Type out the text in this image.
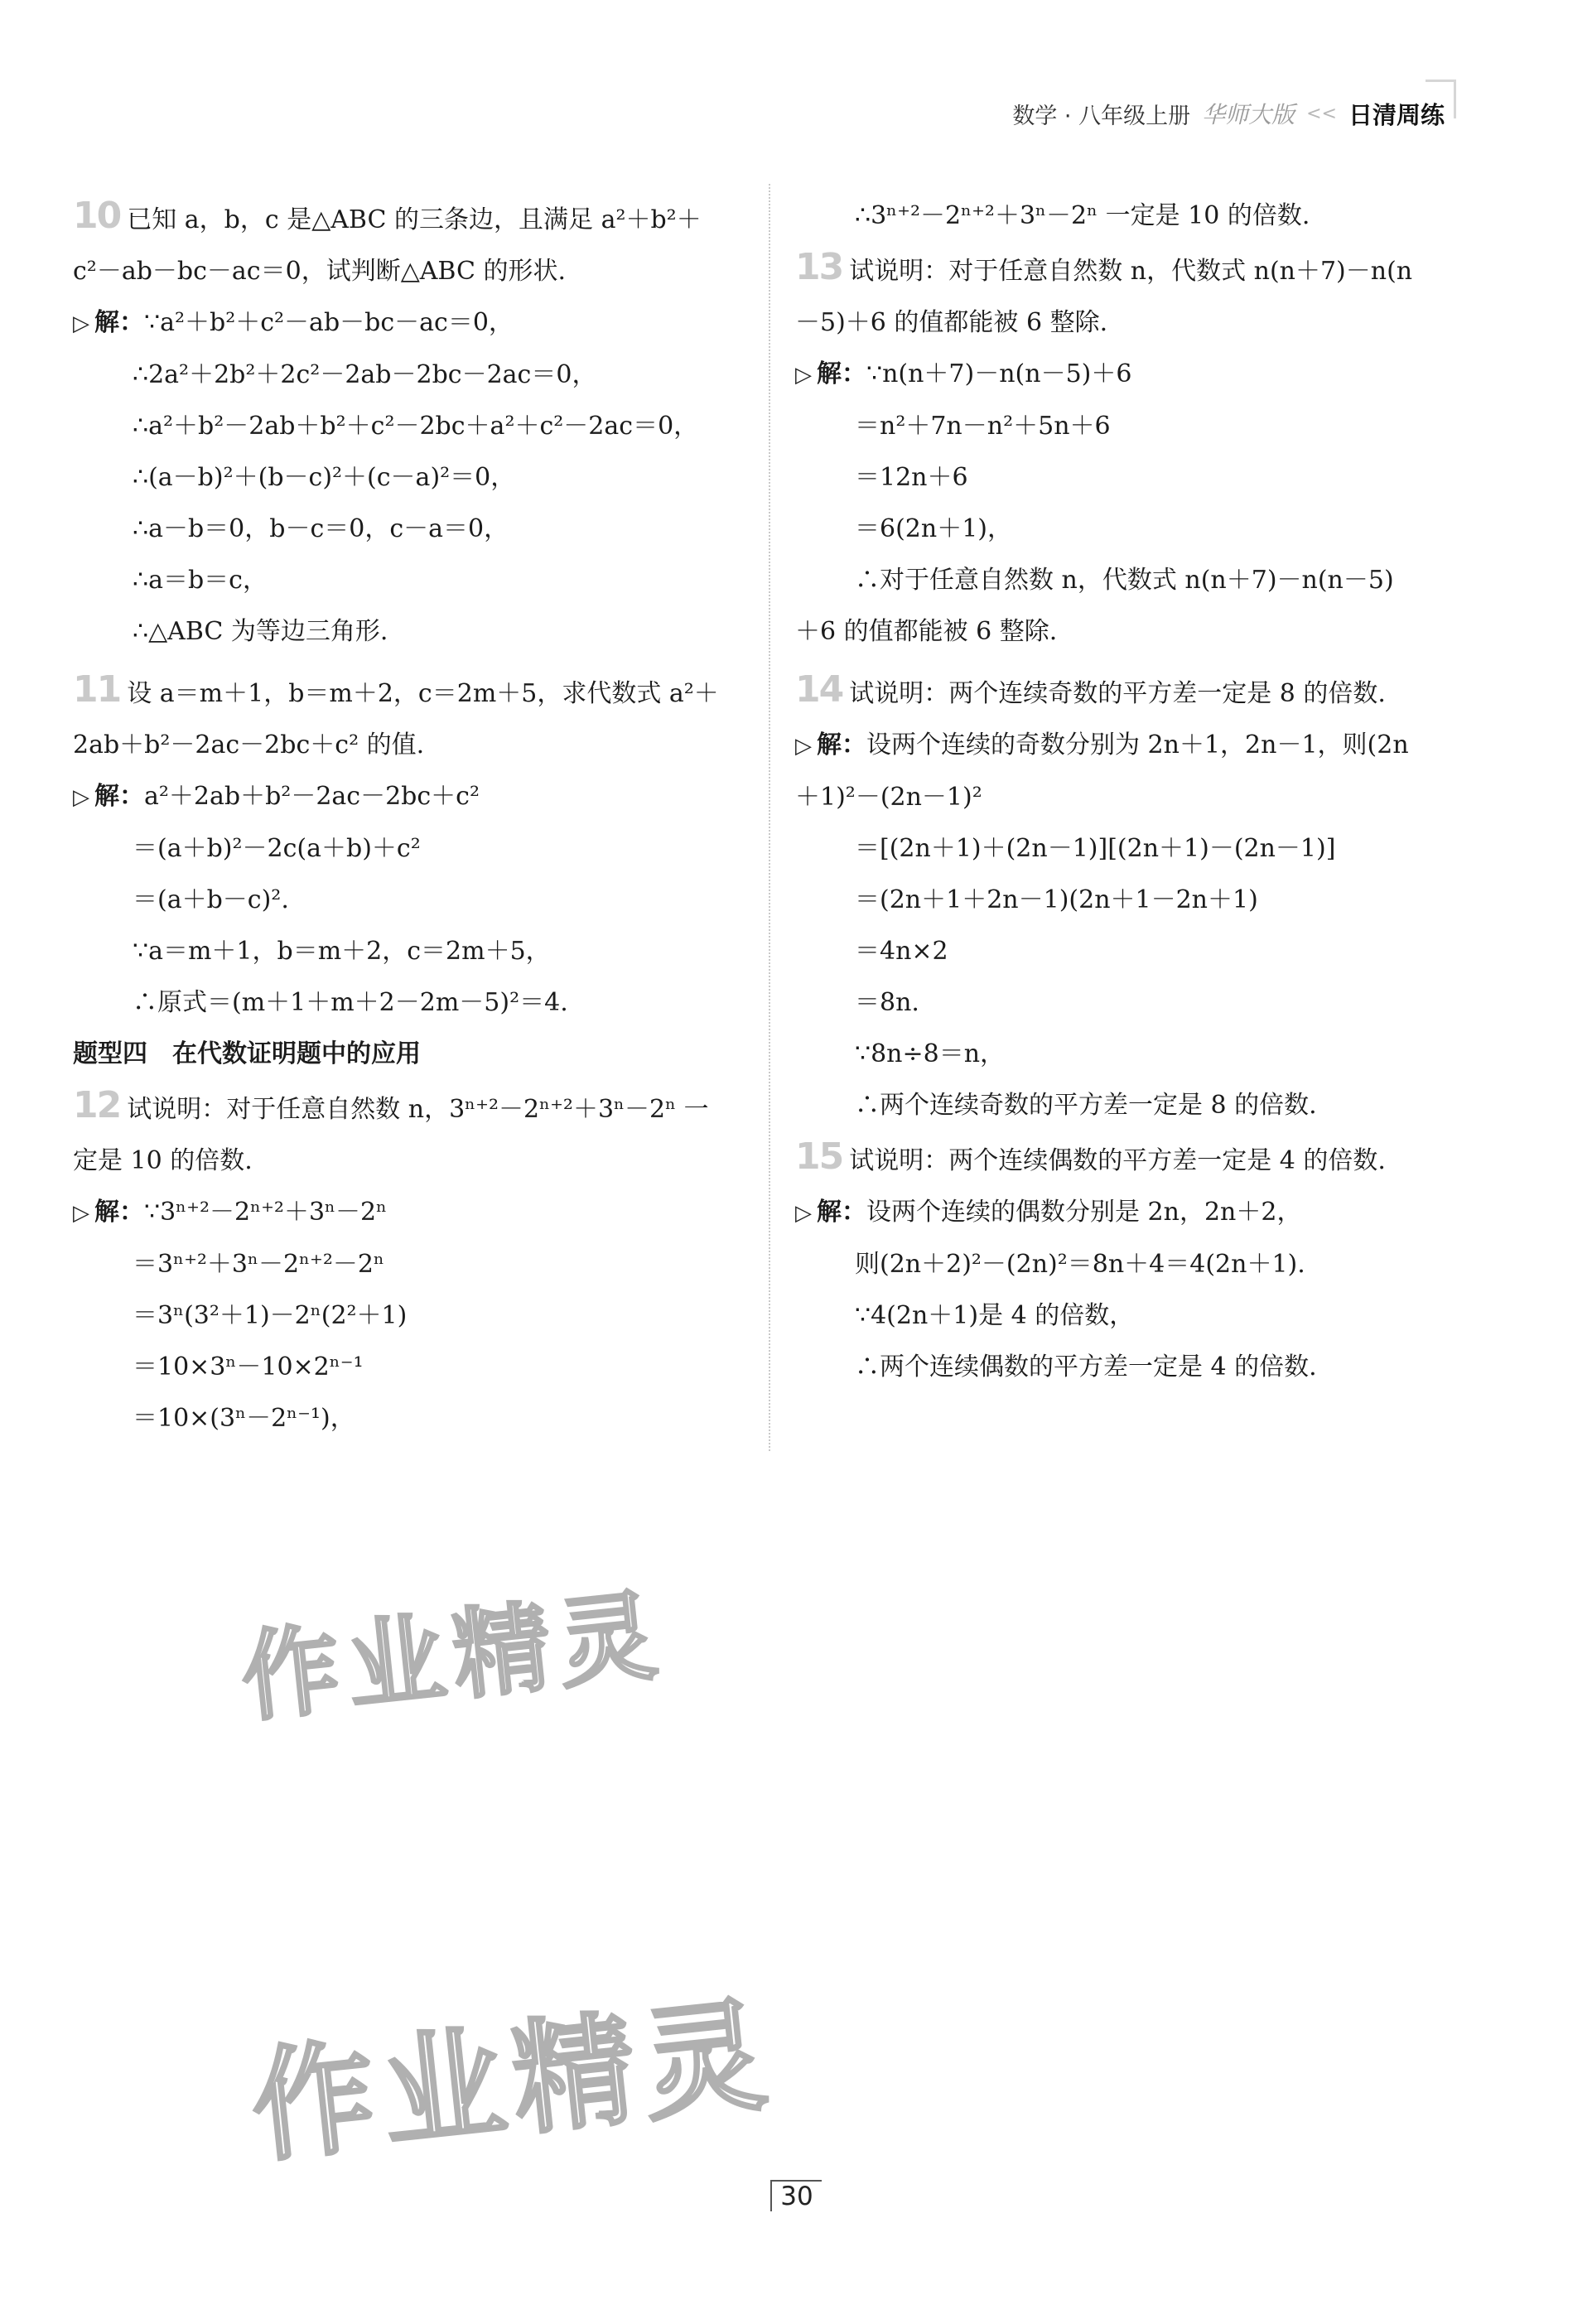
数学 · 八年级上册 华师大版 << 日清周练
10 已知 a，b，c 是△ABC 的三条边，且满足 a²＋b²＋
c²－ab－bc－ac＝0，试判断△ABC 的形状.
▷ 解：∵a²＋b²＋c²－ab－bc－ac＝0，
∴2a²＋2b²＋2c²－2ab－2bc－2ac＝0，
∴a²＋b²－2ab＋b²＋c²－2bc＋a²＋c²－2ac＝0，
∴(a－b)²＋(b－c)²＋(c－a)²＝0，
∴a－b＝0，b－c＝0，c－a＝0，
∴a＝b＝c，
∴△ABC 为等边三角形.
11 设 a＝m＋1，b＝m＋2，c＝2m＋5，求代数式 a²＋
2ab＋b²－2ac－2bc＋c² 的值.
▷ 解：a²＋2ab＋b²－2ac－2bc＋c²
＝(a＋b)²－2c(a＋b)＋c²
＝(a＋b－c)².
∵a＝m＋1，b＝m＋2，c＝2m＋5，
∴原式＝(m＋1＋m＋2－2m－5)²＝4.
题型四　在代数证明题中的应用
12 试说明：对于任意自然数 n，3ⁿ⁺²－2ⁿ⁺²＋3ⁿ－2ⁿ 一
定是 10 的倍数.
▷ 解：∵3ⁿ⁺²－2ⁿ⁺²＋3ⁿ－2ⁿ
＝3ⁿ⁺²＋3ⁿ－2ⁿ⁺²－2ⁿ
＝3ⁿ(3²＋1)－2ⁿ(2²＋1)
＝10×3ⁿ－10×2ⁿ⁻¹
＝10×(3ⁿ－2ⁿ⁻¹)，
∴3ⁿ⁺²－2ⁿ⁺²＋3ⁿ－2ⁿ 一定是 10 的倍数.
13 试说明：对于任意自然数 n，代数式 n(n＋7)－n(n
－5)＋6 的值都能被 6 整除.
▷ 解：∵n(n＋7)－n(n－5)＋6
＝n²＋7n－n²＋5n＋6
＝12n＋6
＝6(2n＋1)，
∴对于任意自然数 n，代数式 n(n＋7)－n(n－5)
＋6 的值都能被 6 整除.
14 试说明：两个连续奇数的平方差一定是 8 的倍数.
▷ 解：设两个连续的奇数分别为 2n＋1，2n－1，则(2n
＋1)²－(2n－1)²
＝[(2n＋1)＋(2n－1)][(2n＋1)－(2n－1)]
＝(2n＋1＋2n－1)(2n＋1－2n＋1)
＝4n×2
＝8n.
∵8n÷8＝n，
∴两个连续奇数的平方差一定是 8 的倍数.
15 试说明：两个连续偶数的平方差一定是 4 的倍数.
▷ 解：设两个连续的偶数分别是 2n，2n＋2，
则(2n＋2)²－(2n)²＝8n＋4＝4(2n＋1).
∵4(2n＋1)是 4 的倍数，
∴两个连续偶数的平方差一定是 4 的倍数.
作业精灵
作业精灵
30
